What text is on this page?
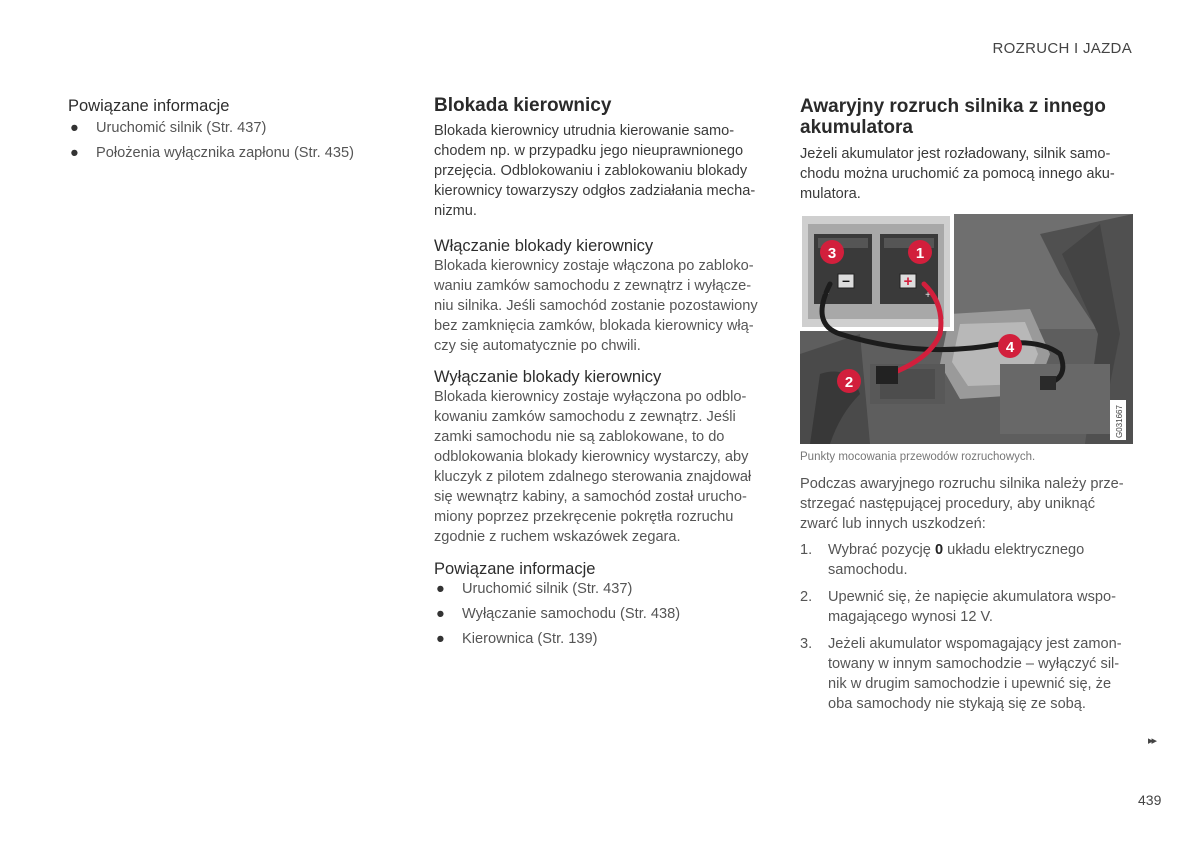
ROZRUCH I JAZDA
Powiązane informacje
● Uruchomić silnik (Str. 437)
● Położenia wyłącznika zapłonu (Str. 435)
Blokada kierownicy
Blokada kierownicy utrudnia kierowanie samo-
chodem np. w przypadku jego nieuprawnionego
przejęcia. Odblokowaniu i zablokowaniu blokady
kierownicy towarzyszy odgłos zadziałania mecha-
nizmu.
Włączanie blokady kierownicy
Blokada kierownicy zostaje włączona po zabloko-
waniu zamków samochodu z zewnątrz i wyłącze-
niu silnika. Jeśli samochód zostanie pozostawiony
bez zamknięcia zamków, blokada kierownicy włą-
czy się automatycznie po chwili.
Wyłączanie blokady kierownicy
Blokada kierownicy zostaje wyłączona po odblo-
kowaniu zamków samochodu z zewnątrz. Jeśli
zamki samochodu nie są zablokowane, to do
odblokowania blokady kierownicy wystarczy, aby
kluczyk z pilotem zdalnego sterowania znajdował
się wewnątrz kabiny, a samochód został urucho-
miony poprzez przekręcenie pokrętła rozruchu
zgodnie z ruchem wskazówek zegara.
Powiązane informacje
● Uruchomić silnik (Str. 437)
● Wyłączanie samochodu (Str. 438)
● Kierownica (Str. 139)
Awaryjny rozruch silnika z innego
akumulatora
Jeżeli akumulator jest rozładowany, silnik samo-
chodu można uruchomić za pomocą innego aku-
mulatora.
–	+
–	+
3	1
4
2
G031667
Punkty mocowania przewodów rozruchowych.
Podczas awaryjnego rozruchu silnika należy prze-
strzegać następującej procedury, aby uniknąć
zwarć lub innych uszkodzeń:
1. Wybrać pozycję 0 układu elektrycznego
samochodu.
2. Upewnić się, że napięcie akumulatora wspo-
magającego wynosi 12 V.
3. Jeżeli akumulator wspomagający jest zamon-
towany w innym samochodzie – wyłączyć sil-
nik w drugim samochodzie i upewnić się, że
oba samochody nie stykają się ze sobą.
▸▸
439
